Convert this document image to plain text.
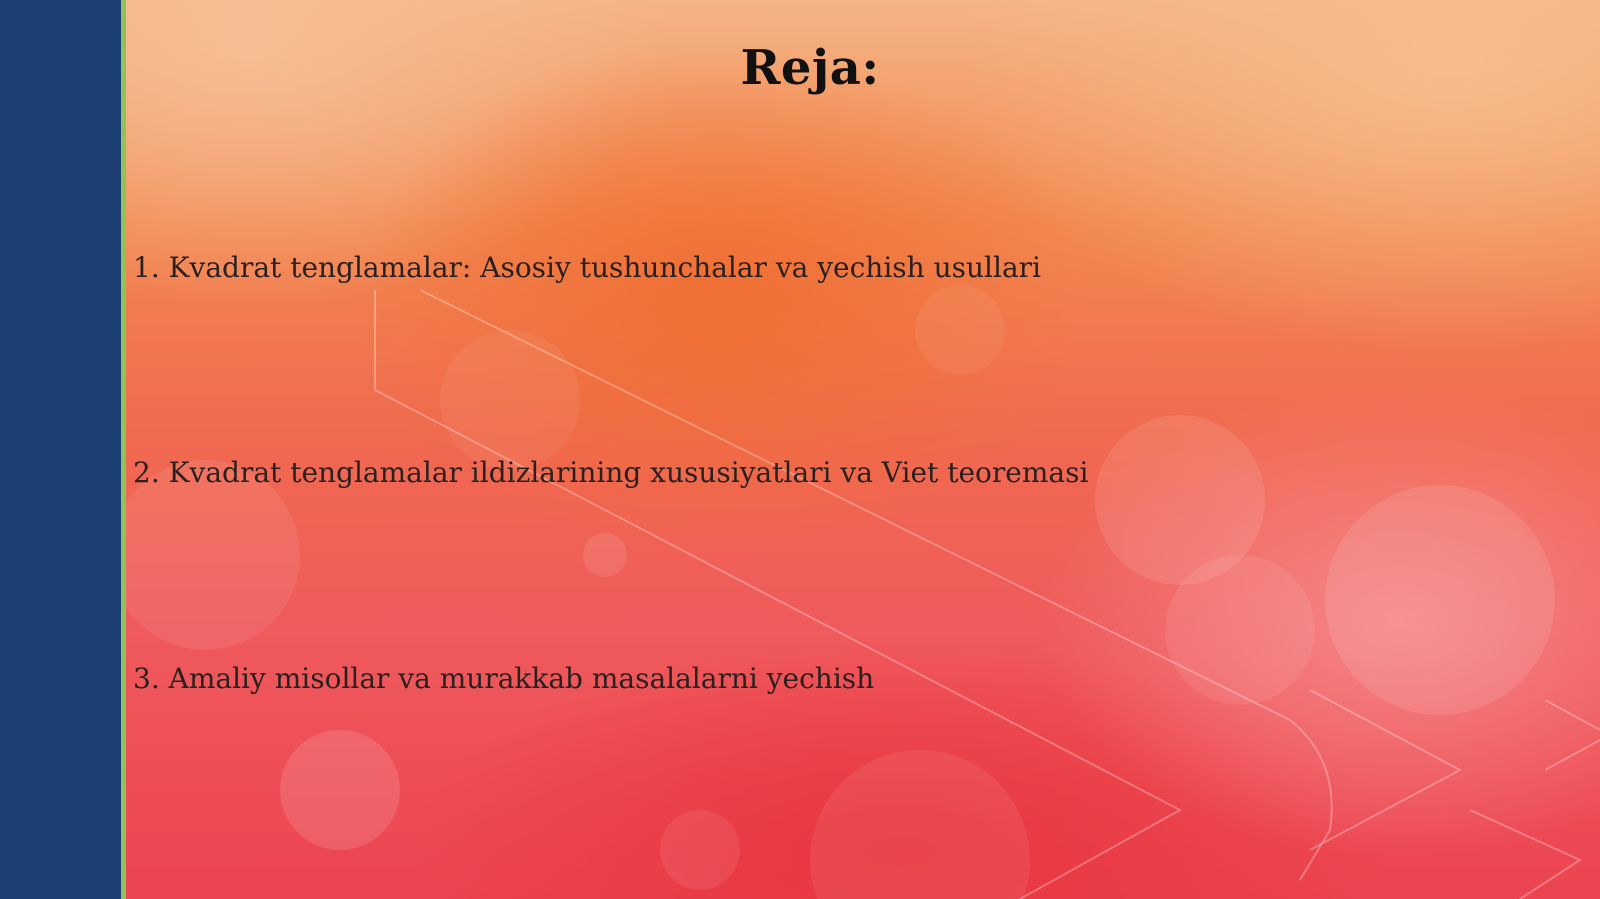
Reja:
1. Kvadrat tenglamalar: Asosiy tushunchalar va yechish usullari
2. Kvadrat tenglamalar ildizlarining xususiyatlari va Viet teoremasi
3. Amaliy misollar va murakkab masalalarni yechish
